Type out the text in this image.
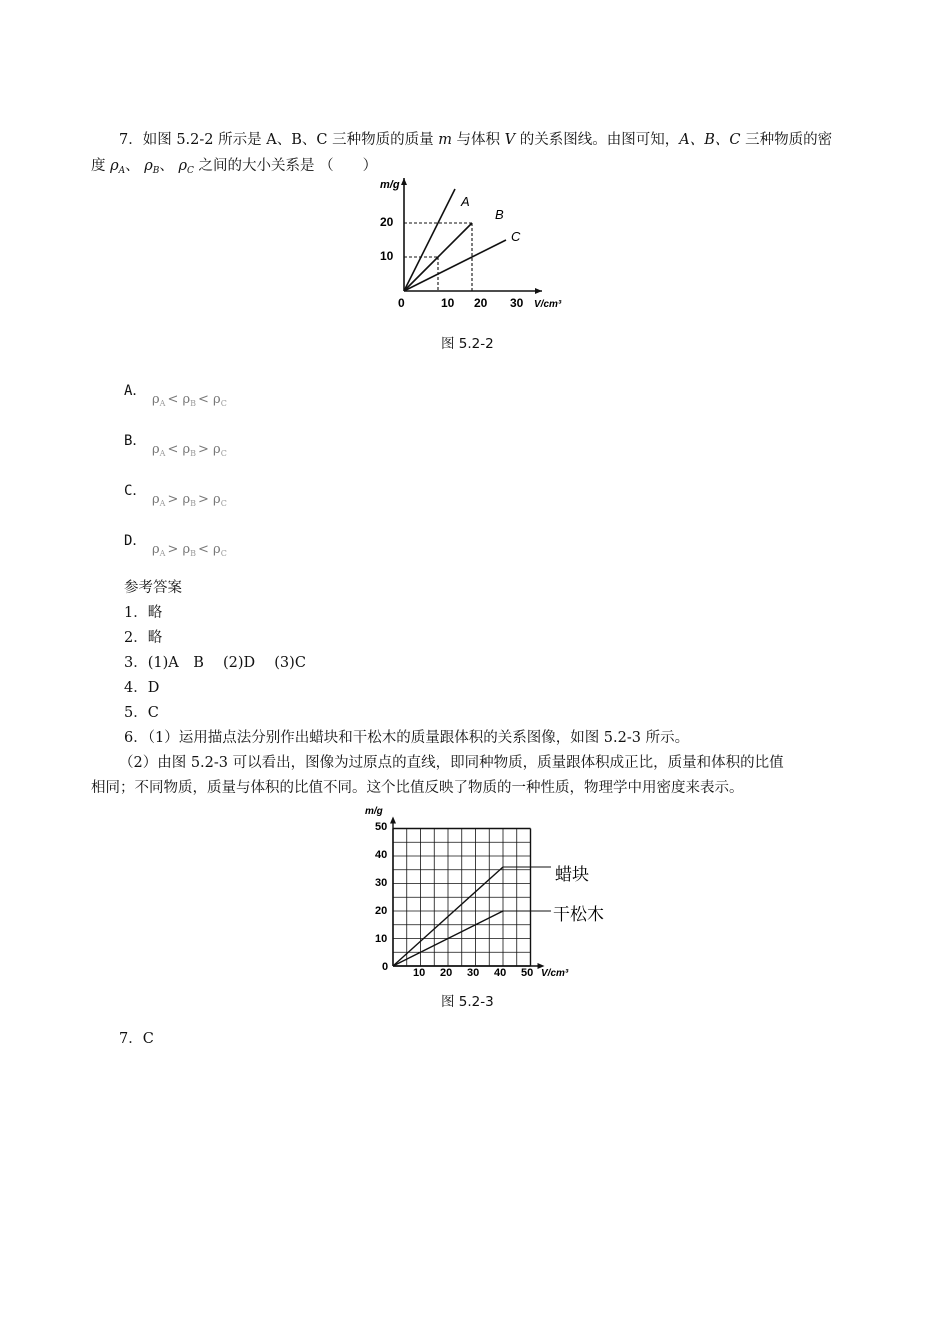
7．如图 5.2-2 所示是 A、B、C 三种物质的质量 m 与体积 V 的关系图线。由图可知，A、B、C 三种物质的密
度 $\rho_A$、 $\rho_B$、 $\rho_C$ 之间的大小关系是 （　　）
m/g
V/cm³
0	10 20 30
10
20
A
B
C
图 5.2-2
A．
$\rho_A < \rho_B < \rho_C$
B．
$\rho_A < \rho_B > \rho_C$
C．
$\rho_A > \rho_B > \rho_C$
D．
$\rho_A > \rho_B < \rho_C$
参考答案
1．略
2．略
3．(1)A　B　 (2)D　 (3)C
4．D
5．C
6．（1）运用描点法分别作出蜡块和干松木的质量跟体积的关系图像，如图 5.2-3 所示。
（2）由图 5.2-3 可以看出，图像为过原点的直线，即同种物质，质量跟体积成正比，质量和体积的比值
相同；不同物质，质量与体积的比值不同。这个比值反映了物质的一种性质，物理学中用密度来表示。
m/g
V/cm³
0 10 20 30 40 50
10
20
30
40
50
蜡块
干松木
图 5.2-3
7．C
